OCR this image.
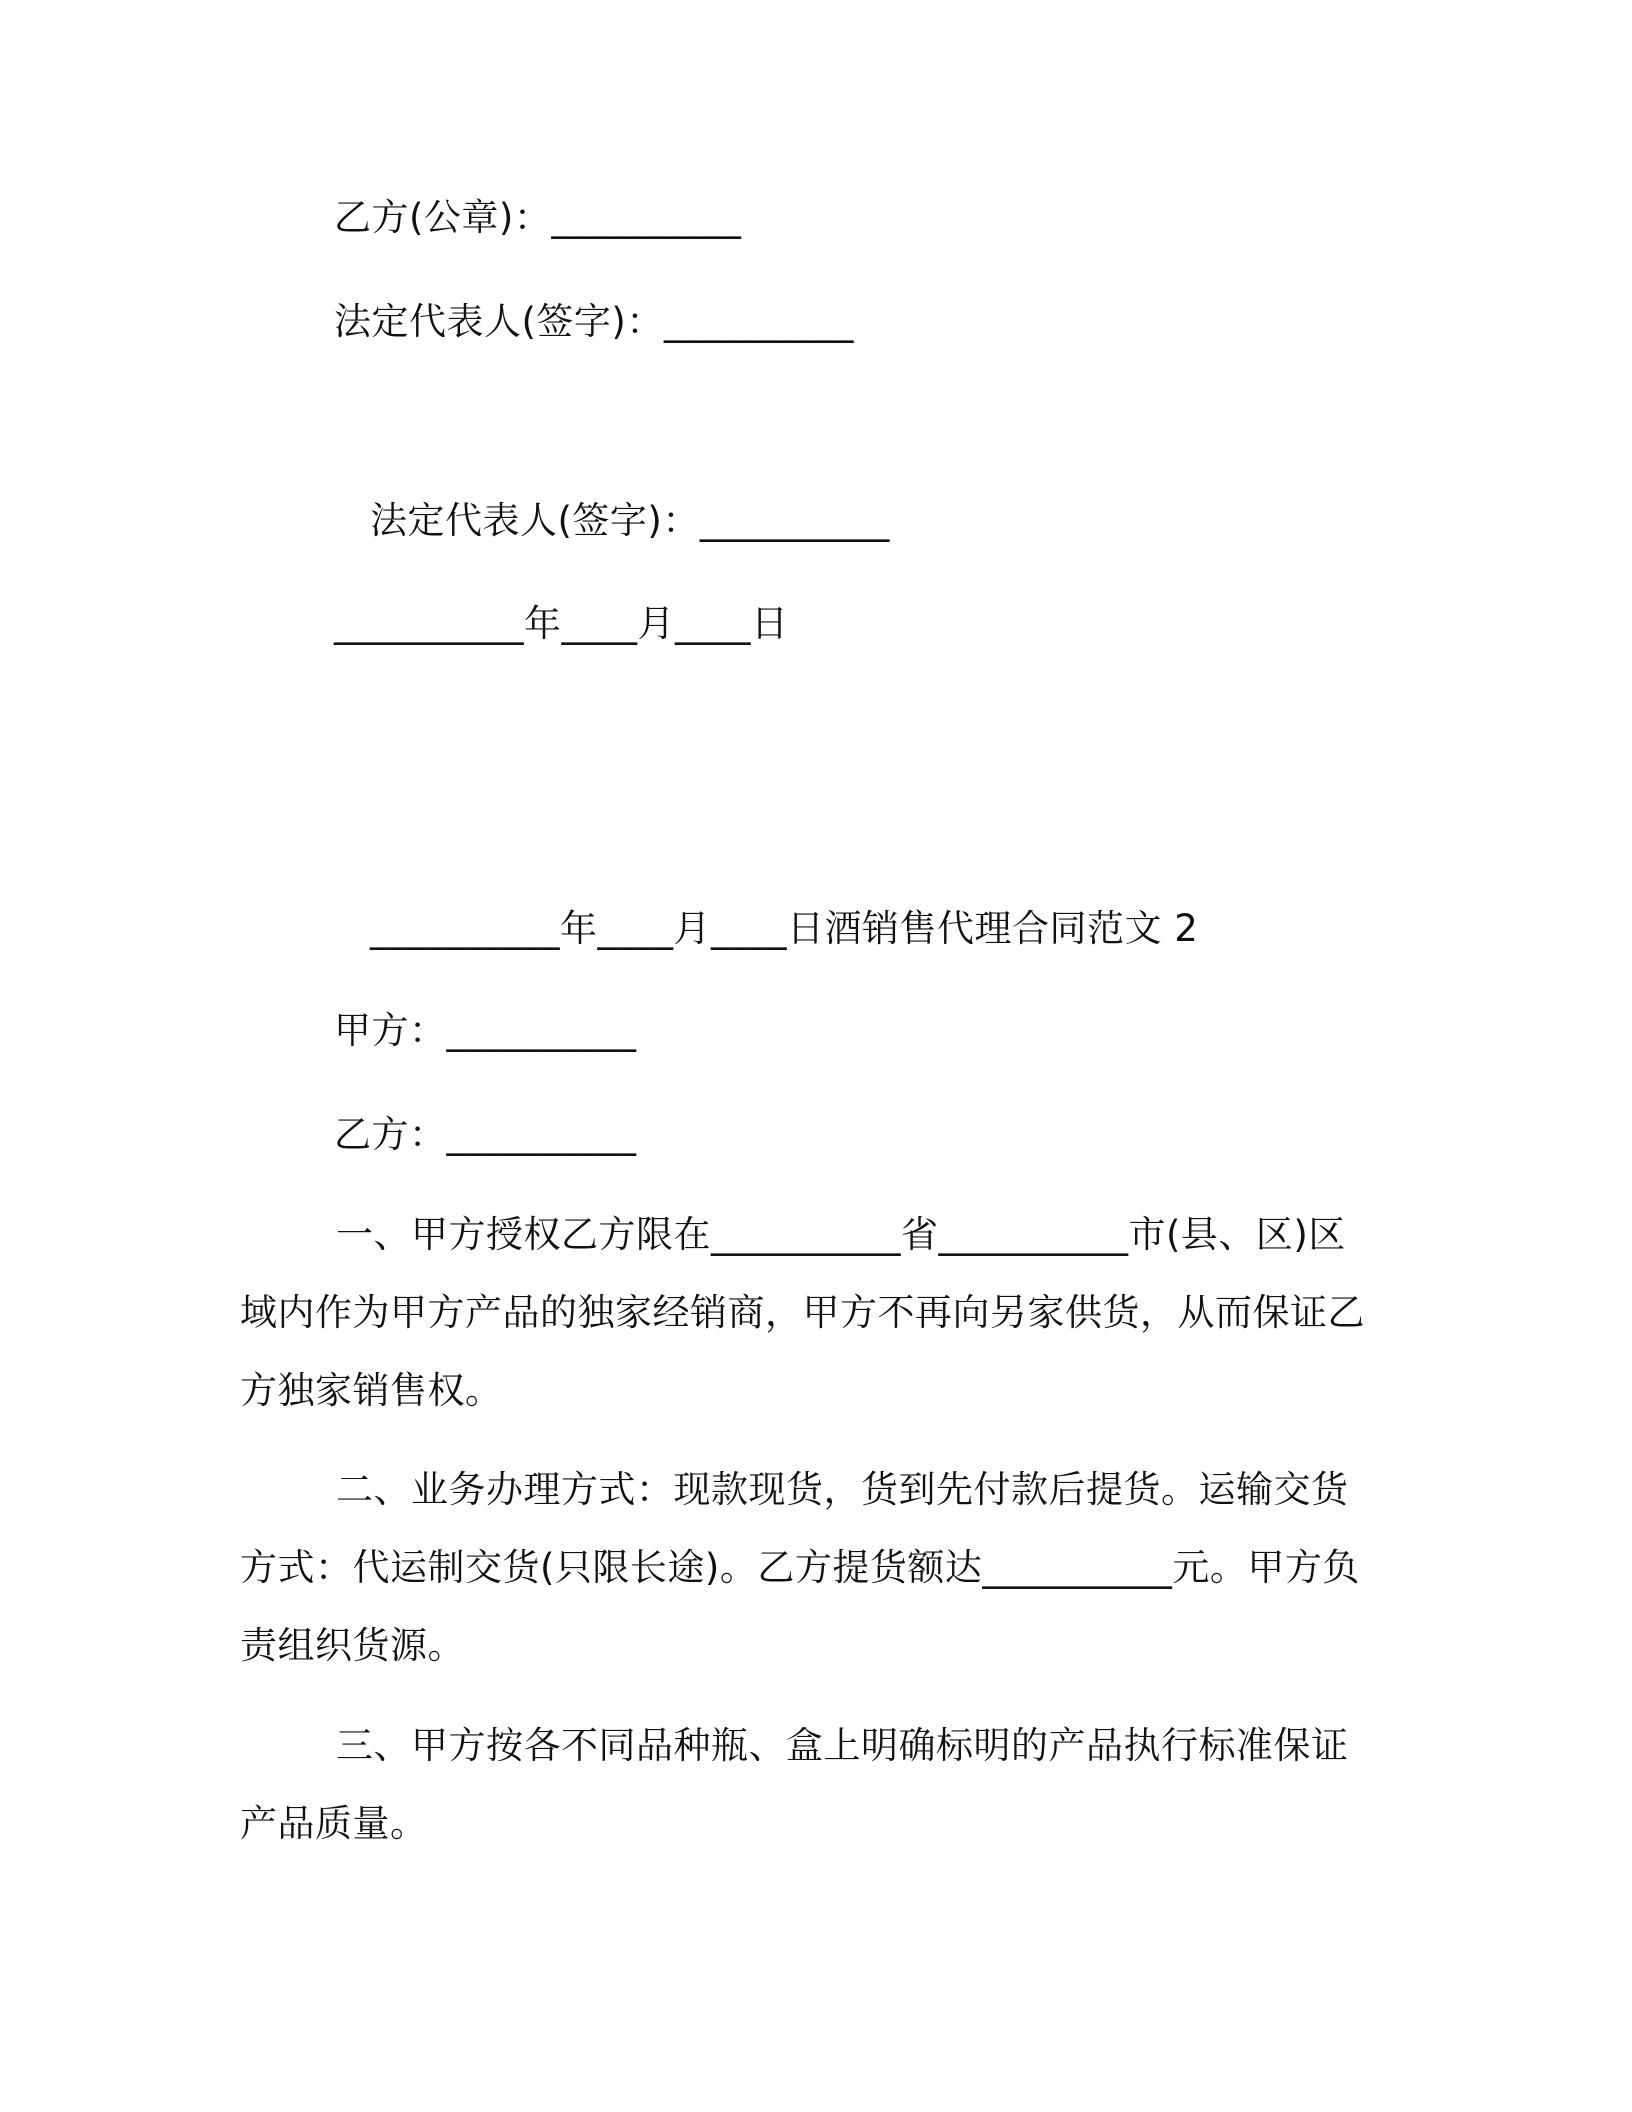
乙方(公章)：__________
法定代表人(签字)：__________
法定代表人(签字)：__________
__________年____月____日
__________年____月____日酒销售代理合同范文 2
甲方：__________
乙方：__________
一、甲方授权乙方限在__________省__________市(县、区)区域内作为甲方产品的独家经销商，甲方不再向另家供货，从而保证乙方独家销售权。
二、业务办理方式：现款现货，货到先付款后提货。运输交货方式：代运制交货(只限长途)。乙方提货额达__________元。甲方负责组织货源。
三、甲方按各不同品种瓶、盒上明确标明的产品执行标准保证产品质量。
